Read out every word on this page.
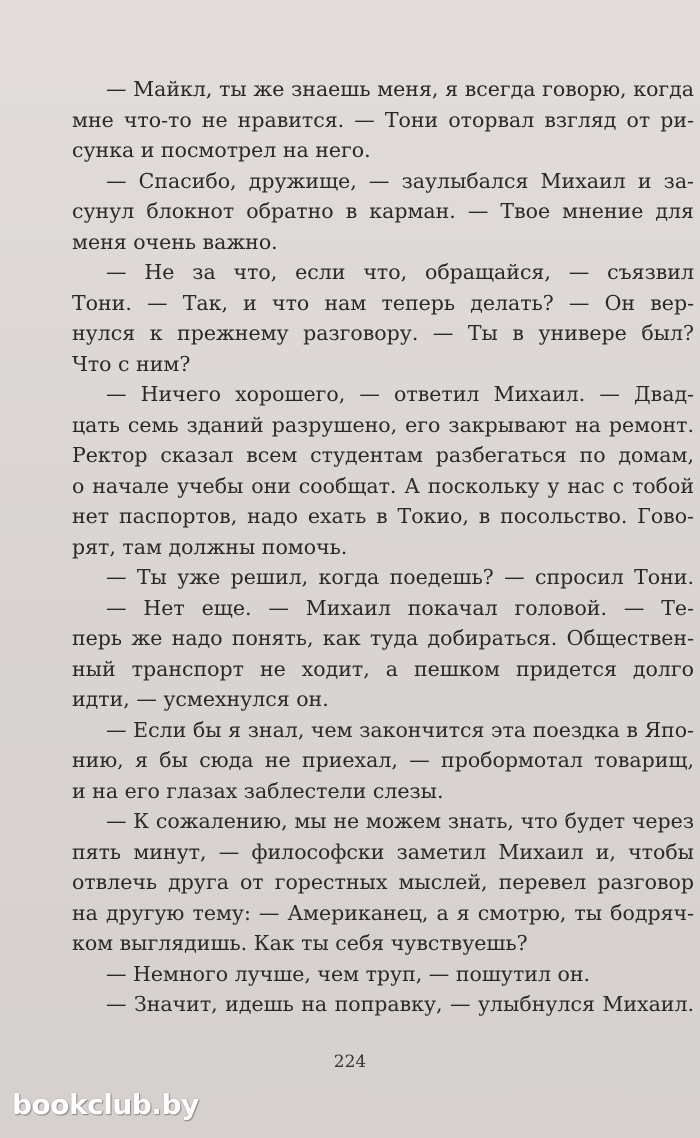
— Майкл, ты же знаешь меня, я всегда говорю, когда
мне что-то не нравится. — Тони оторвал взгляд от ри-
сунка и посмотрел на него.
— Спасибо, дружище, — заулыбался Михаил и за-
сунул блокнот обратно в карман. — Твое мнение для
меня очень важно.
— Не за что, если что, обращайся, — съязвил
Тони. — Так, и что нам теперь делать? — Он вер-
нулся к прежнему разговору. — Ты в универе был?
Что с ним?
— Ничего хорошего, — ответил Михаил. — Двад-
цать семь зданий разрушено, его закрывают на ремонт.
Ректор сказал всем студентам разбегаться по домам,
о начале учебы они сообщат. А поскольку у нас с тобой
нет паспортов, надо ехать в Токио, в посольство. Гово-
рят, там должны помочь.
— Ты уже решил, когда поедешь? — спросил Тони.
— Нет еще. — Михаил покачал головой. — Те-
перь же надо понять, как туда добираться. Обществен-
ный транспорт не ходит, а пешком придется долго
идти, — усмехнулся он.
— Если бы я знал, чем закончится эта поездка в Япо-
нию, я бы сюда не приехал, — пробормотал товарищ,
и на его глазах заблестели слезы.
— К сожалению, мы не можем знать, что будет через
пять минут, — философски заметил Михаил и, чтобы
отвлечь друга от горестных мыслей, перевел разговор
на другую тему: — Американец, а я смотрю, ты бодряч-
ком выглядишь. Как ты себя чувствуешь?
— Немного лучше, чем труп, — пошутил он.
— Значит, идешь на поправку, — улыбнулся Михаил.
224
bookclub.by
